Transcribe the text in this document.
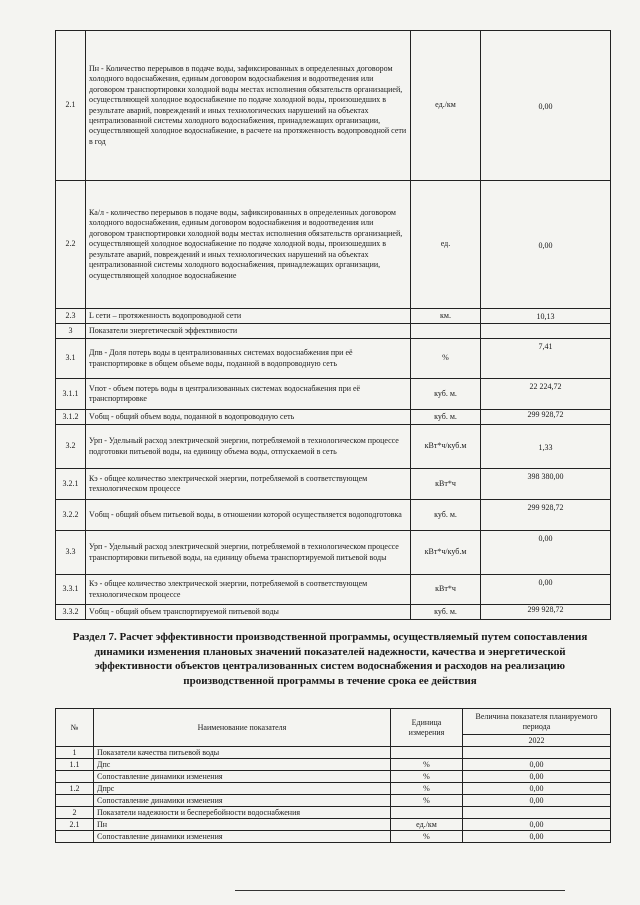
2.1	Пн - Количество перерывов в подаче воды, зафиксированных в определенных договором холодного водоснабжения, единым договором водоснабжения и водоотведения или договором транспортировки холодной воды местах исполнения обязательств организацией, осуществляющей холодное водоснабжение по подаче холодной воды, произошедших в результате аварий, повреждений и иных технологических нарушений на объектах централизованной системы холодного водоснабжения, принадлежащих организации, осуществляющей холодное водоснабжение, в расчете на протяженность водопроводной сети в год	ед./км	0,00
2.2	Ка/л - количество перерывов в подаче воды, зафиксированных в определенных договором холодного водоснабжения, единым договором водоснабжения и водоотведения или договором транспортировки холодной воды местах исполнения обязательств организацией, осуществляющей холодное водоснабжение по подаче холодной воды, произошедших в результате аварий, повреждений и иных технологических нарушений на объектах централизованной системы холодного водоснабжения, принадлежащих организации, осуществляющей холодное водоснабжение	ед.	0,00
2.3	L сети – протяженность водопроводной сети	км.	10,13
3	Показатели энергетической эффективности		
3.1	Дпв - Доля потерь воды в централизованных системах водоснабжения при её транспортировке в общем объеме воды, поданной в водопроводную сеть	%	7,41
3.1.1	Vпот - объем потерь воды в централизованных системах водоснабжения при её транспортировке	куб. м.	22 224,72
3.1.2	Vобщ - общий объем воды, поданной в водопроводную сеть	куб. м.	299 928,72
3.2	Урп - Удельный расход электрической энергии, потребляемой в технологическом процессе подготовки питьевой воды, на единицу объема воды, отпускаемой в сеть	кВт*ч/куб.м	1,33
3.2.1	Кэ - общее количество электрической энергии, потребляемой в соответствующем технологическом процессе	кВт*ч	398 380,00
3.2.2	Vобщ - общий объем питьевой воды, в отношении которой осуществляется водоподготовка	куб. м.	299 928,72
3.3	Урп - Удельный расход электрической энергии, потребляемой в технологическом процессе транспортировки питьевой воды, на единицу объема транспортируемой питьевой воды	кВт*ч/куб.м	0,00
3.3.1	Кэ - общее количество электрической энергии, потребляемой в соответствующем технологическом процессе	кВт*ч	0,00
3.3.2	Vобщ - общий объем транспортируемой питьевой воды	куб. м.	299 928,72
Раздел 7. Расчет эффективности производственной программы, осуществляемый путем сопоставления динамики изменения плановых значений показателей надежности, качества и энергетической эффективности объектов централизованных систем водоснабжения и расходов на реализацию производственной программы в течение срока ее действия
№	Наименование показателя	Единица измерения	Величина показателя планируемого периода
			2022
1	Показатели качества питьевой воды		
1.1	Дпс	%	0,00
	Сопоставление динамики изменения	%	0,00
1.2	Дпрс	%	0,00
	Сопоставление динамики изменения	%	0,00
2	Показатели надежности и бесперебойности водоснабжения		
2.1	Пн	ед./км	0,00
	Сопоставление динамики изменения	%	0,00
